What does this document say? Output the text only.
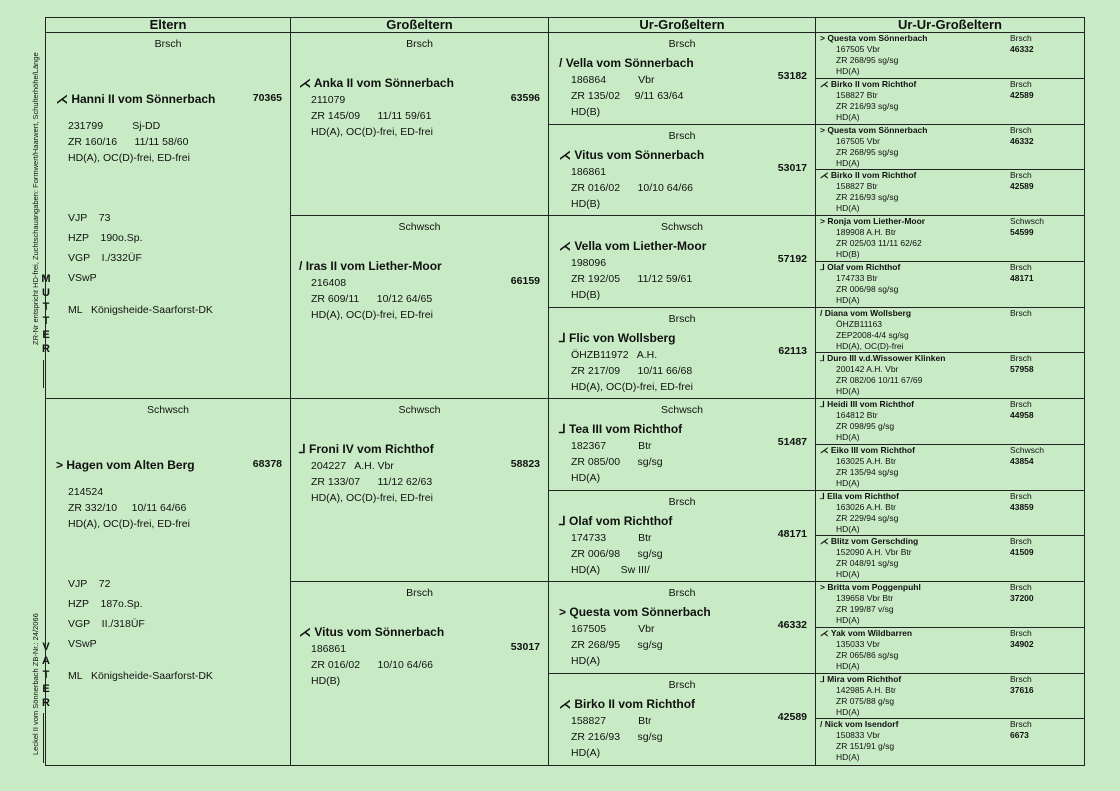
ZR-Nr entspricht HD-frei, Zuchtschauangaben: Formwert/Haarwert, Schulterhöhe/Länge
Leckel II vom Sönnerbach ZB-Nr.: 24/2066
M
U
T
T
E
R
V
A
T
E
R
Eltern
Brsch
⋌ Hanni II vom Sönnerbach	70365
231799          Sj-DD
ZR 160/16      11/11 58/60
HD(A), OC(D)-frei, ED-frei
VJP    73
HZP    190o.Sp.
VGP    I./332ÜF
VSwP
ML   Königsheide-Saarforst-DK
Schwsch
> Hagen vom Alten Berg	68378
214524
ZR 332/10     10/11 64/66
HD(A), OC(D)-frei, ED-frei
VJP    72
HZP    187o.Sp.
VGP    II./318ÜF
VSwP
ML   Königsheide-Saarforst-DK
Großeltern
Brsch
⋌ Anka II vom Sönnerbach
63596
211079
ZR 145/09      11/11 59/61
HD(A), OC(D)-frei, ED-frei
Schwsch
/ Iras II vom Liether-Moor
66159
216408
ZR 609/11      10/12 64/65
HD(A), OC(D)-frei, ED-frei
Schwsch
⅃ Froni IV vom Richthof
58823
204227   A.H. Vbr
ZR 133/07      11/12 62/63
HD(A), OC(D)-frei, ED-frei
Brsch
⋌ Vitus vom Sönnerbach
53017
186861
ZR 016/02      10/10 64/66
HD(B)
Ur-Großeltern
Brsch
/ Vella vom Sönnerbach
53182
186864           Vbr
ZR 135/02     9/11 63/64
HD(B)
Brsch
⋌ Vitus vom Sönnerbach
53017
186861
ZR 016/02      10/10 64/66
HD(B)
Schwsch
⋌ Vella vom Liether-Moor
57192
198096
ZR 192/05      11/12 59/61
HD(B)
Brsch
⅃ Flic von Wollsberg
62113
ÖHZB11972   A.H.
ZR 217/09      10/11 66/68
HD(A), OC(D)-frei, ED-frei
Schwsch
⅃ Tea III vom Richthof
51487
182367           Btr
ZR 085/00      sg/sg
HD(A)
Brsch
⅃ Olaf vom Richthof
48171
174733           Btr
ZR 006/98      sg/sg
HD(A)       Sw III/
Brsch
> Questa vom Sönnerbach
46332
167505           Vbr
ZR 268/95      sg/sg
HD(A)
Brsch
⋌ Birko II vom Richthof
42589
158827           Btr
ZR 216/93      sg/sg
HD(A)
Ur-Ur-Großeltern
> Questa vom Sönnerbach	Brsch
167505 Vbr	46332
ZR 268/95 sg/sg
HD(A)
⋌ Birko II vom Richthof	Brsch
158827 Btr	42589
ZR 216/93 sg/sg
HD(A)
> Questa vom Sönnerbach	Brsch
167505 Vbr	46332
ZR 268/95 sg/sg
HD(A)
⋌ Birko II vom Richthof	Brsch
158827 Btr	42589
ZR 216/93 sg/sg
HD(A)
> Ronja vom Liether-Moor	Schwsch
189908 A.H. Btr	54599
ZR 025/03 11/11 62/62
HD(B)
⅃ Olaf vom Richthof	Brsch
174733 Btr	48171
ZR 006/98 sg/sg
HD(A)
/ Diana vom Wollsberg	Brsch
ÖHZB11163
ZEP2008-4/4 sg/sg
HD(A), OC(D)-frei
⅃ Duro III v.d.Wissower Klinken	Brsch
200142 A.H. Vbr	57958
ZR 082/06 10/11 67/69
HD(A)
⅃ Heidi III vom Richthof	Brsch
164812 Btr	44958
ZR 098/95 g/sg
HD(A)
⋌ Eiko III vom Richthof	Schwsch
163025 A.H. Btr	43854
ZR 135/94 sg/sg
HD(A)
⅃ Ella vom Richthof	Brsch
163026 A.H. Btr	43859
ZR 229/94 sg/sg
HD(A)
⋌ Blitz vom Gerschding	Brsch
152090 A.H. Vbr Btr	41509
ZR 048/91 sg/sg
HD(A)
> Britta vom Poggenpuhl	Brsch
139658 Vbr Btr	37200
ZR 199/87 v/sg
HD(A)
⋌ Yak vom Wildbarren	Brsch
135033 Vbr	34902
ZR 065/86 sg/sg
HD(A)
⅃ Mira vom Richthof	Brsch
142985 A.H. Btr	37616
ZR 075/88 g/sg
HD(A)
/ Nick vom Isendorf	Brsch
150833 Vbr	6673
ZR 151/91 g/sg
HD(A)
